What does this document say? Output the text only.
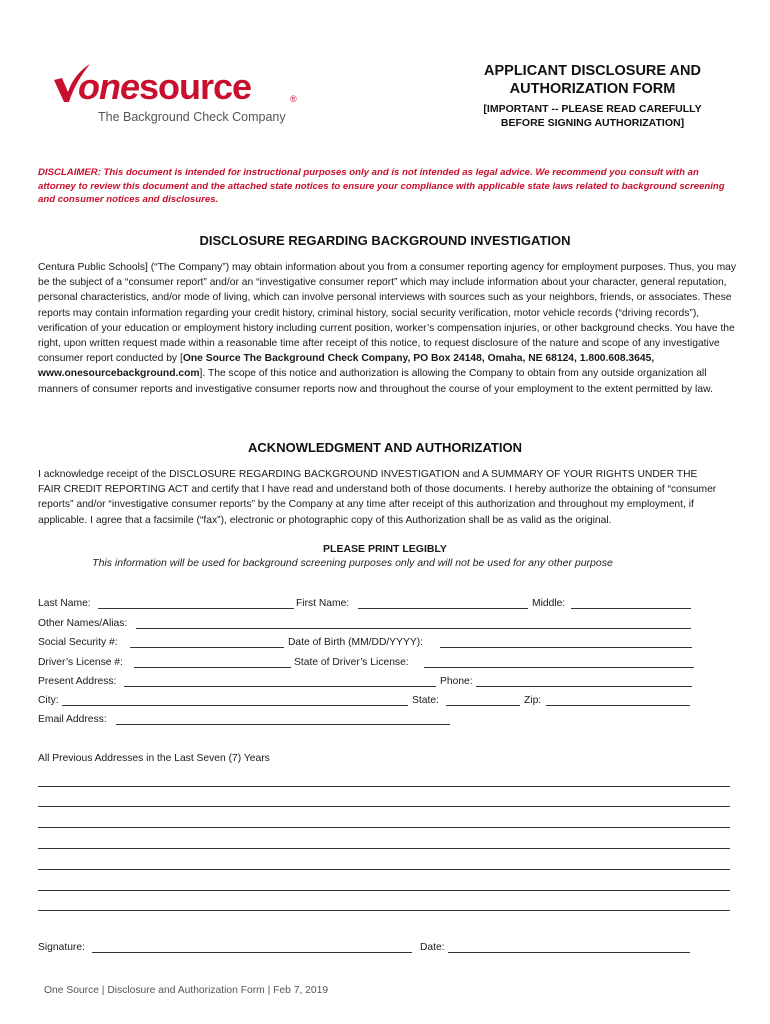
onesource	®
The Background Check Company
APPLICANT DISCLOSURE AND
AUTHORIZATION FORM
[IMPORTANT -- PLEASE READ CAREFULLY
BEFORE SIGNING AUTHORIZATION]
DISCLAIMER: This document is intended for instructional purposes only and is not intended as legal advice. We recommend you consult with an attorney to review this document and the attached state notices to ensure your compliance with applicable state laws related to background screening and consumer notices and disclosures.
DISCLOSURE REGARDING BACKGROUND INVESTIGATION
Centura Public Schools] (“The Company”) may obtain information about you from a consumer reporting agency for employment purposes. Thus, you may be the subject of a “consumer report” and/or an “investigative consumer report” which may include information about your character, general reputation, personal characteristics, and/or mode of living, which can involve personal interviews with sources such as your neighbors, friends, or associates. These reports may contain information regarding your credit history, criminal history, social security verification, motor vehicle records (“driving records”), verification of your education or employment history including current position, worker’s compensation injuries, or other background checks. You have the right, upon written request made within a reasonable time after receipt of this notice, to request disclosure of the nature and scope of any investigative consumer report conducted by [One Source The Background Check Company, PO Box 24148, Omaha, NE 68124, 1.800.608.3645, www.onesourcebackground.com]. The scope of this notice and authorization is allowing the Company to obtain from any outside organization all manners of consumer reports and investigative consumer reports now and throughout the course of your employment to the extent permitted by law.
ACKNOWLEDGMENT AND AUTHORIZATION
I acknowledge receipt of the DISCLOSURE REGARDING BACKGROUND INVESTIGATION and A SUMMARY OF YOUR RIGHTS UNDER THE FAIR CREDIT REPORTING ACT and certify that I have read and understand both of those documents. I hereby authorize the obtaining of “consumer reports” and/or “investigative consumer reports” by the Company at any time after receipt of this authorization and throughout my employment, if applicable. I agree that a facsimile (“fax”), electronic or photographic copy of this Authorization shall be as valid as the original.
PLEASE PRINT LEGIBLY
This information will be used for background screening purposes only and will not be used for any other purpose
Last Name:	First Name:	Middle:
Other Names/Alias:
Social Security #:	Date of Birth (MM/DD/YYYY):
Driver’s License #:	State of Driver’s License:
Present Address:	Phone:
City:	State:	Zip:
Email Address:
All Previous Addresses in the Last Seven (7) Years
Signature:	Date:
One Source | Disclosure and Authorization Form | Feb 7, 2019
